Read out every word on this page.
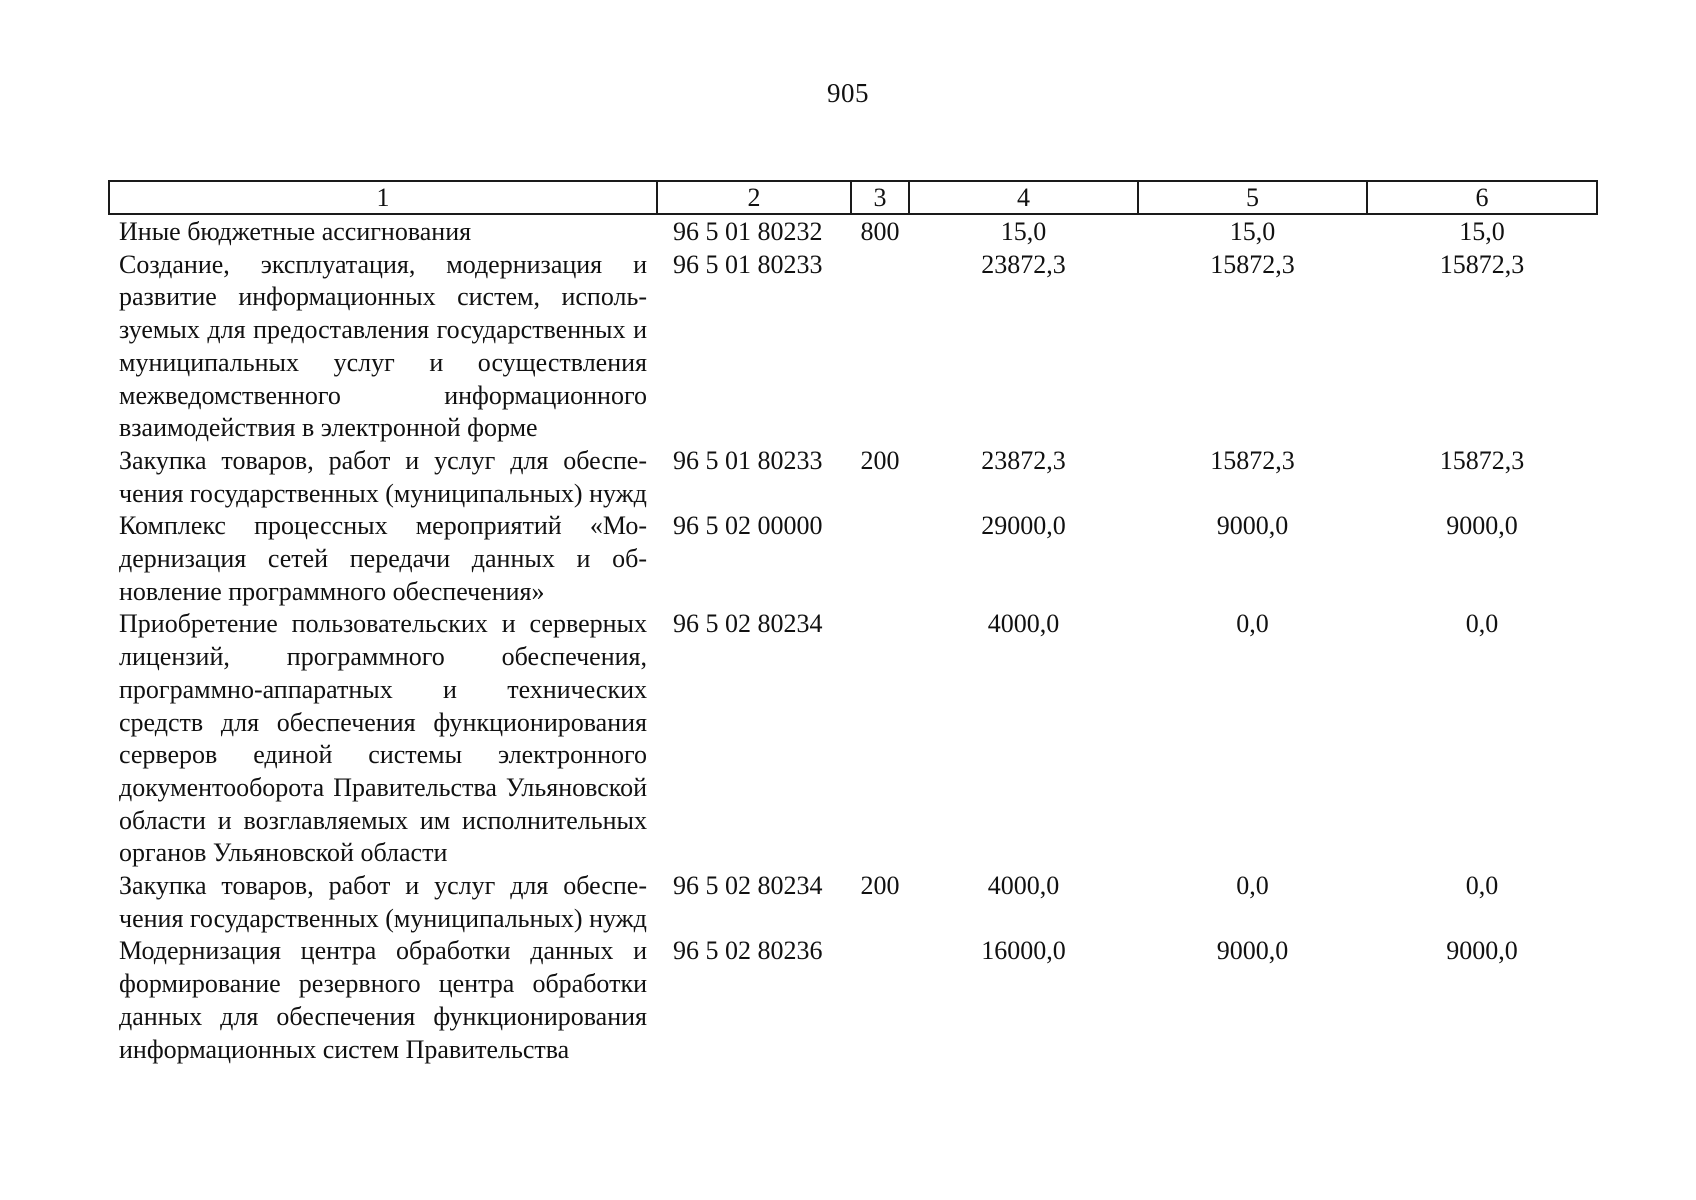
905
1	2	3	4	5	6
Иные бюджетные ассигнования	96 5 01 80232	800	15,0	15,0	15,0
Создание, эксплуатация, модернизация и развитие информационных систем, используемых для предоставления государственных и муниципальных услуг и осуществления межведомственного информационного взаимодействия в электронной форме	96 5 01 80233		23872,3	15872,3	15872,3
Закупка товаров, работ и услуг для обеспечения государственных (муниципальных) нужд	96 5 01 80233	200	23872,3	15872,3	15872,3
Комплекс процессных мероприятий «Модернизация сетей передачи данных и обновление программного обеспечения»	96 5 02 00000		29000,0	9000,0	9000,0
Приобретение пользовательских и серверных лицензий, программного обеспечения, программно-аппаратных и технических средств для обеспечения функционирования серверов единой системы электронного документооборота Правительства Ульяновской области и возглавляемых им исполнительных органов Ульяновской области	96 5 02 80234		4000,0	0,0	0,0
Закупка товаров, работ и услуг для обеспечения государственных (муниципальных) нужд	96 5 02 80234	200	4000,0	0,0	0,0
Модернизация центра обработки данных и формирование резервного центра обработки данных для обеспечения функционирования информационных систем Правительства	96 5 02 80236		16000,0	9000,0	9000,0
